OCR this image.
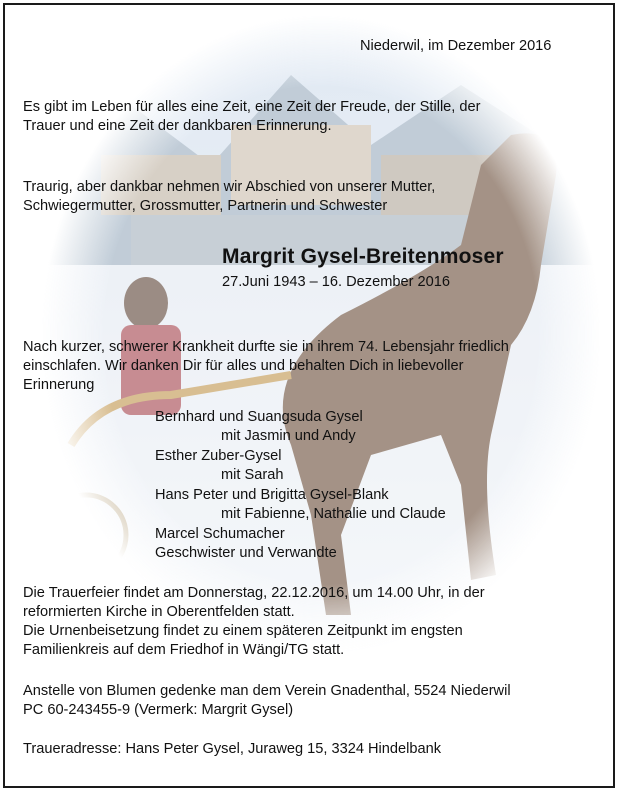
Niederwil, im Dezember 2016
Es gibt im Leben für alles eine Zeit, eine Zeit der Freude, der Stille, der
Trauer und eine Zeit der dankbaren Erinnerung.
Traurig, aber dankbar nehmen wir Abschied von unserer Mutter,
Schwiegermutter, Grossmutter, Partnerin und Schwester
Margrit Gysel-Breitenmoser
27.Juni 1943 – 16. Dezember 2016
Nach kurzer, schwerer Krankheit durfte sie in ihrem 74. Lebensjahr friedlich
einschlafen. Wir danken Dir für alles und behalten Dich in liebevoller
Erinnerung
Bernhard und Suangsuda Gysel
mit Jasmin und Andy
Esther Zuber-Gysel
mit Sarah
Hans Peter und Brigitta Gysel-Blank
mit Fabienne, Nathalie und Claude
Marcel Schumacher
Geschwister und Verwandte
Die Trauerfeier findet am Donnerstag, 22.12.2016, um 14.00 Uhr, in der
reformierten Kirche in Oberentfelden statt.
Die Urnenbeisetzung findet zu einem späteren Zeitpunkt im engsten
Familienkreis auf dem Friedhof in Wängi/TG statt.
Anstelle von Blumen gedenke man dem Verein Gnadenthal, 5524 Niederwil
PC 60-243455-9 (Vermerk: Margrit Gysel)
Traueradresse: Hans Peter Gysel, Juraweg 15, 3324 Hindelbank
